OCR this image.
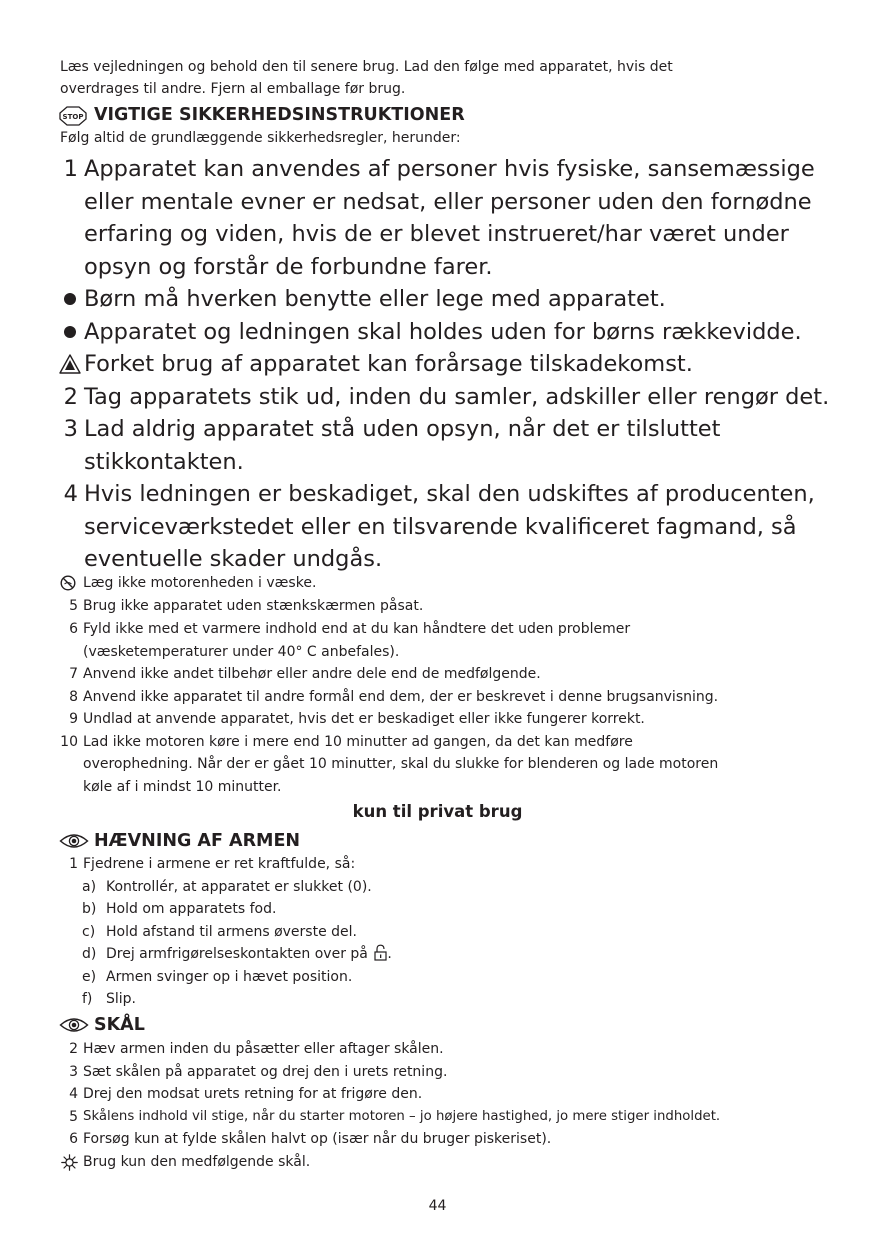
Læs vejledningen og behold den til senere brug. Lad den følge med apparatet, hvis det
overdrages til andre. Fjern al emballage før brug.
STOP VIGTIGE SIKKERHEDSINSTRUKTIONER
Følg altid de grundlæggende sikkerhedsregler, herunder:
1 Apparatet kan anvendes af personer hvis fysiske, sansemæssige
eller mentale evner er nedsat, eller personer uden den fornødne
erfaring og viden, hvis de er blevet instrueret/har været under
opsyn og forstår de forbundne farer.
Børn må hverken benytte eller lege med apparatet.
Apparatet og ledningen skal holdes uden for børns rækkevidde.
Forket brug af apparatet kan forårsage tilskadekomst.
2 Tag apparatets stik ud, inden du samler, adskiller eller rengør det.
3 Lad aldrig apparatet stå uden opsyn, når det er tilsluttet
stikkontakten.
4 Hvis ledningen er beskadiget, skal den udskiftes af producenten,
serviceværkstedet eller en tilsvarende kvalificeret fagmand, så
eventuelle skader undgås.
Læg ikke motorenheden i væske.
5 Brug ikke apparatet uden stænkskærmen påsat.
6 Fyld ikke med et varmere indhold end at du kan håndtere det uden problemer
(væsketemperaturer under 40° C anbefales).
7 Anvend ikke andet tilbehør eller andre dele end de medfølgende.
8 Anvend ikke apparatet til andre formål end dem, der er beskrevet i denne brugsanvisning.
9 Undlad at anvende apparatet, hvis det er beskadiget eller ikke fungerer korrekt.
10 Lad ikke motoren køre i mere end 10 minutter ad gangen, da det kan medføre
overophedning. Når der er gået 10 minutter, skal du slukke for blenderen og lade motoren
køle af i mindst 10 minutter.
kun til privat brug
HÆVNING AF ARMEN
1 Fjedrene i armene er ret kraftfulde, så:
a) Kontrollér, at apparatet er slukket (0).
b) Hold om apparatets fod.
c) Hold afstand til armens øverste del.
d) Drej armfrigørelseskontakten over på .
e) Armen svinger op i hævet position.
f) Slip.
SKÅL
2 Hæv armen inden du påsætter eller aftager skålen.
3 Sæt skålen på apparatet og drej den i urets retning.
4 Drej den modsat urets retning for at frigøre den.
5 Skålens indhold vil stige, når du starter motoren – jo højere hastighed, jo mere stiger indholdet.
6 Forsøg kun at fylde skålen halvt op (især når du bruger piskeriset).
Brug kun den medfølgende skål.
44
